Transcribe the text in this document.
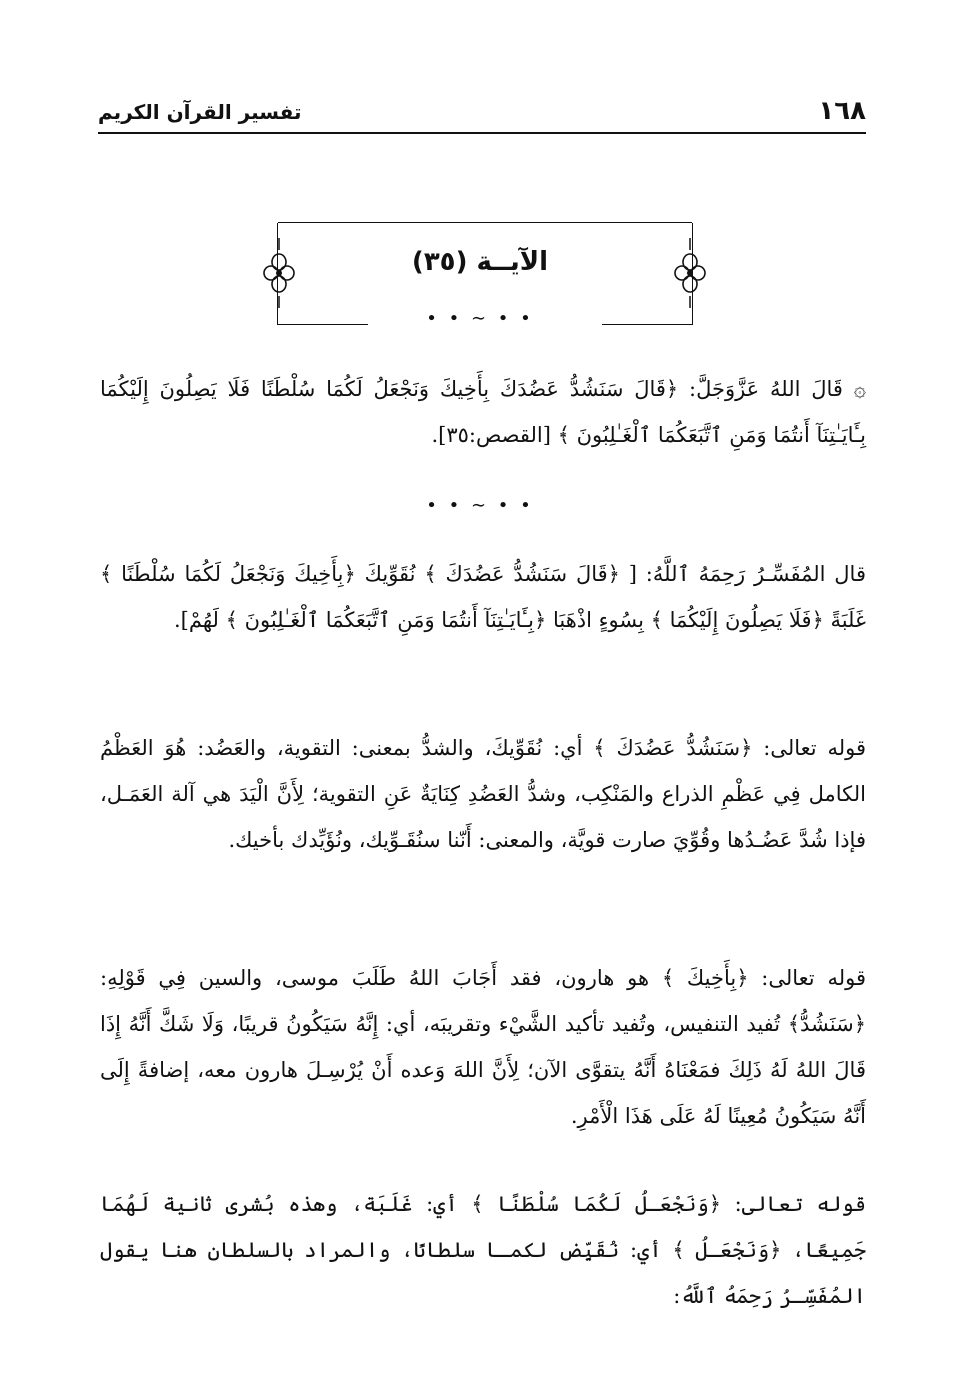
١٦٨
تفسير القرآن الكريم
الآيــة (٣٥)
• • ∽ • •

۞ قَالَ اللهُ عَزَّوَجَلَّ: ﴿قَالَ سَنَشُدُّ عَضُدَكَ بِأَخِيكَ وَنَجْعَلُ لَكُمَا سُلْطَنًا فَلَا يَصِلُونَ إِلَيْكُمَا بِـَٔايَـٰتِنَآ أَنتُمَا وَمَنِ ٱتَّبَعَكُمَا ٱلْغَـٰلِبُونَ ﴾ [القصص:٣٥].

• • ∽ • •

قال المُفَسِّـرُ رَحِمَهُ ٱللَّهُ: [ ﴿قَالَ سَنَشُدُّ عَضُدَكَ ﴾ نُقَوِّيكَ ﴿بِأَخِيكَ وَنَجْعَلُ لَكُمَا سُلْطَنًا ﴾ غَلَبَةً ﴿فَلَا يَصِلُونَ إِلَيْكُمَا ﴾ بِسُوءٍ اذْهَبَا ﴿بِـَٔايَـٰتِنَآ أَنتُمَا وَمَنِ ٱتَّبَعَكُمَا ٱلْغَـٰلِبُونَ ﴾ لَهُمْ].

قوله تعالى: ﴿سَنَشُدُّ عَضُدَكَ ﴾ أي: نُقَوِّيكَ، والشدُّ بمعنى: التقوية، والعَضُد: هُوَ العَظْمُ الكامل فِي عَظْمِ الذراع والمَنْكِب، وشدُّ العَضُدِ كِنَايَةٌ عَنِ التقوية؛ لِأَنَّ الْيَدَ هي آلة العَمَـل، فإذا شُدَّ عَضُـدُها وقُوِّيَ صارت قويَّة، والمعنى: أَنّنا سنُقَـوِّيك، ونُؤَيِّدك بأخيك.

قوله تعالى: ﴿بِأَخِيكَ ﴾ هو هارون، فقد أَجَابَ اللهُ طَلَبَ موسى، والسين فِي قَوْلِهِ: ﴿سَنَشُدُّ﴾ تُفيد التنفيس، وتُفيد تأكيد الشَّيْء وتقريبَه، أي: إِنَّهُ سَيَكُونُ قريبًا، وَلَا شَكَّ أَنَّهُ إِذَا قَالَ اللهُ لَهُ ذَلِكَ فمَعْنَاهُ أَنَّهُ يتقوَّى الآن؛ لِأَنَّ اللهَ وَعده أَنْ يُرْسِـلَ هارون معه، إضافةً إِلَى أَنَّهُ سَيَكُونُ مُعِينًا لَهُ عَلَى هَذَا الْأَمْرِ.

قوله تعالى: ﴿وَنَجْعَـلُ لَكُمَا سُلْطَنًا ﴾ أي: غَلَبَة، وهذه بُشرى ثانية لَهُمَا جَمِيعًا، ﴿وَنَجْعَـلُ ﴾ أي: نُقَيِّض لكمـا سلطانًا، والمراد بالسلطان هنا يقول المُفَسِّـرُ رَحِمَهُ ٱللَّهُ:
